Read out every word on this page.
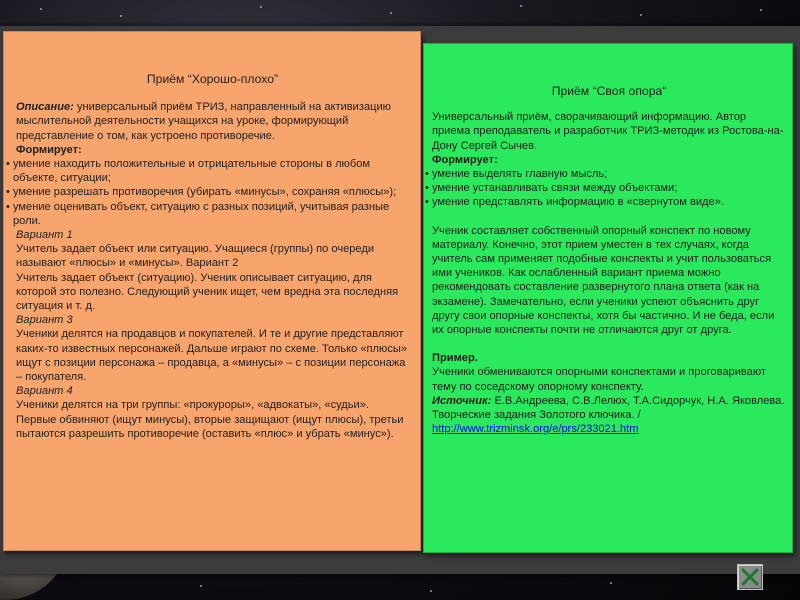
Приём “Хорошо-плохо”

Описание: универсальный приём ТРИЗ, направленный на активизацию мыслительной деятельности учащихся на уроке, формирующий представление о том, как устроено противоречие.

Формирует:

• умение находить положительные и отрицательные стороны в любом объекте, ситуации;
• умение разрешать противоречия (убирать «минусы», сохраняя «плюсы»);
• умение оценивать объект, ситуацию с разных позиций, учитывая разные роли.

Вариант 1

Учитель задает объект или ситуацию. Учащиеся (группы) по очереди называют «плюсы» и «минусы». Вариант 2

Учитель задает объект (ситуацию). Ученик описывает ситуацию, для которой это полезно. Следующий ученик ищет, чем вредна эта последняя ситуация и т. д.

Вариант 3

Ученики делятся на продавцов и покупателей. И те и другие представляют каких-то известных персонажей. Дальше играют по схеме. Только «плюсы» ищут с позиции персонажа – продавца, а «минусы» – с позиции персонажа – покупателя.

Вариант 4

Ученики делятся на три группы: «прокуроры», «адвокаты», «судьи». Первые обвиняют (ищут минусы), вторые защищают (ищут плюсы), третьи пытаются разрешить противоречие (оставить «плюс» и убрать «минус»).

Приём “Своя опора“

Универсальный приём, сворачивающий информацию. Автор приема преподаватель и разработчик ТРИЗ-методик из Ростова-на-Дону Сергей Сычев.

Формирует:

• умение выделять главную мысль;
• умение устанавливать связи между объектами;
• умение представлять информацию в «свернутом виде».

Ученик составляет собственный опорный конспект по новому материалу. Конечно, этот прием уместен в тех случаях, когда учитель сам применяет подобные конспекты и учит пользоваться ими учеников. Как ослабленный вариант приема можно рекомендовать составление развернутого плана ответа (как на экзамене). Замечательно, если ученики успеют объяснить друг другу свои опорные конспекты, хотя бы частично. И не беда, если их опорные конспекты почти не отличаются друг от друга.

Пример.

Ученики обмениваются опорными конспектами и проговаривают тему по соседскому опорному конспекту.

Источник: Е.В.Андреева, С.В.Лелюх, Т.А.Сидорчук, Н.А. Яковлева. Творческие задания Золотого ключика. /

http://www.trizminsk.org/e/prs/233021.htm
